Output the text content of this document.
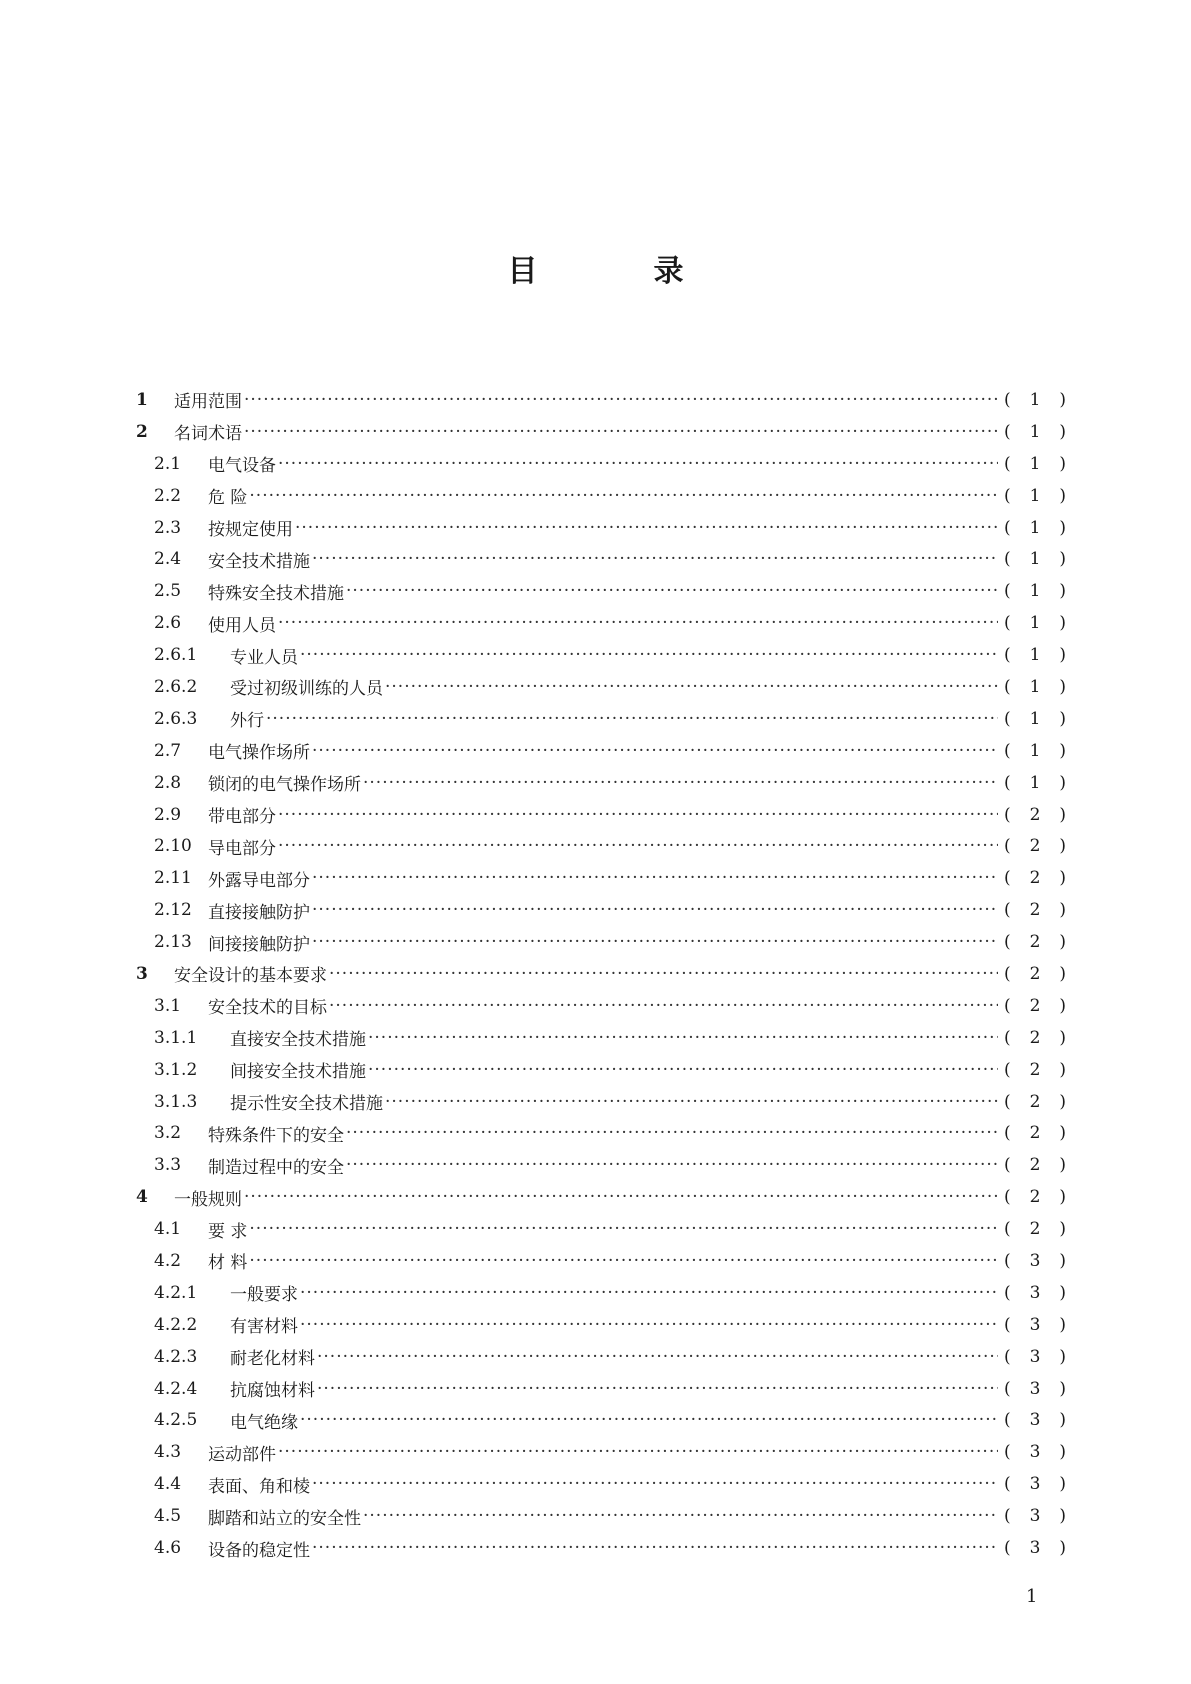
目	录
1	适用范围 ·····	( 1 )
2	名词术语 ·····	( 1 )
2.1	电气设备 ·····	( 1 )
2.2	危 险 ·····	( 1 )
2.3	按规定使用 ·····	( 1 )
2.4	安全技术措施 ·····	( 1 )
2.5	特殊安全技术措施 ·····	( 1 )
2.6	使用人员 ·····	( 1 )
2.6.1	专业人员 ·····	( 1 )
2.6.2	受过初级训练的人员 ·····	( 1 )
2.6.3	外行 ·····	( 1 )
2.7	电气操作场所 ·····	( 1 )
2.8	锁闭的电气操作场所 ·····	( 1 )
2.9	带电部分 ·····	( 2 )
2.10 导电部分 ·····	( 2 )
2.11 外露导电部分 ·····	( 2 )
2.12 直接接触防护 ·····	( 2 )
2.13 间接接触防护 ·····	( 2 )
3	安全设计的基本要求 ·····	( 2 )
3.1	安全技术的目标 ·····	( 2 )
3.1.1	直接安全技术措施 ·····	( 2 )
3.1.2	间接安全技术措施 ·····	( 2 )
3.1.3	提示性安全技术措施 ·····	( 2 )
3.2	特殊条件下的安全 ·····	( 2 )
3.3	制造过程中的安全 ·····	( 2 )
4	一般规则 ·····	( 2 )
4.1	要 求 ·····	( 2 )
4.2	材 料 ·····	( 3 )
4.2.1	一般要求 ·····	( 3 )
4.2.2	有害材料 ·····	( 3 )
4.2.3	耐老化材料 ·····	( 3 )
4.2.4	抗腐蚀材料 ·····	( 3 )
4.2.5	电气绝缘 ·····	( 3 )
4.3	运动部件 ·····	( 3 )
4.4	表面、角和棱 ·····	( 3 )
4.5	脚踏和站立的安全性 ·····	( 3 )
4.6	设备的稳定性 ·····	( 3 )
1
